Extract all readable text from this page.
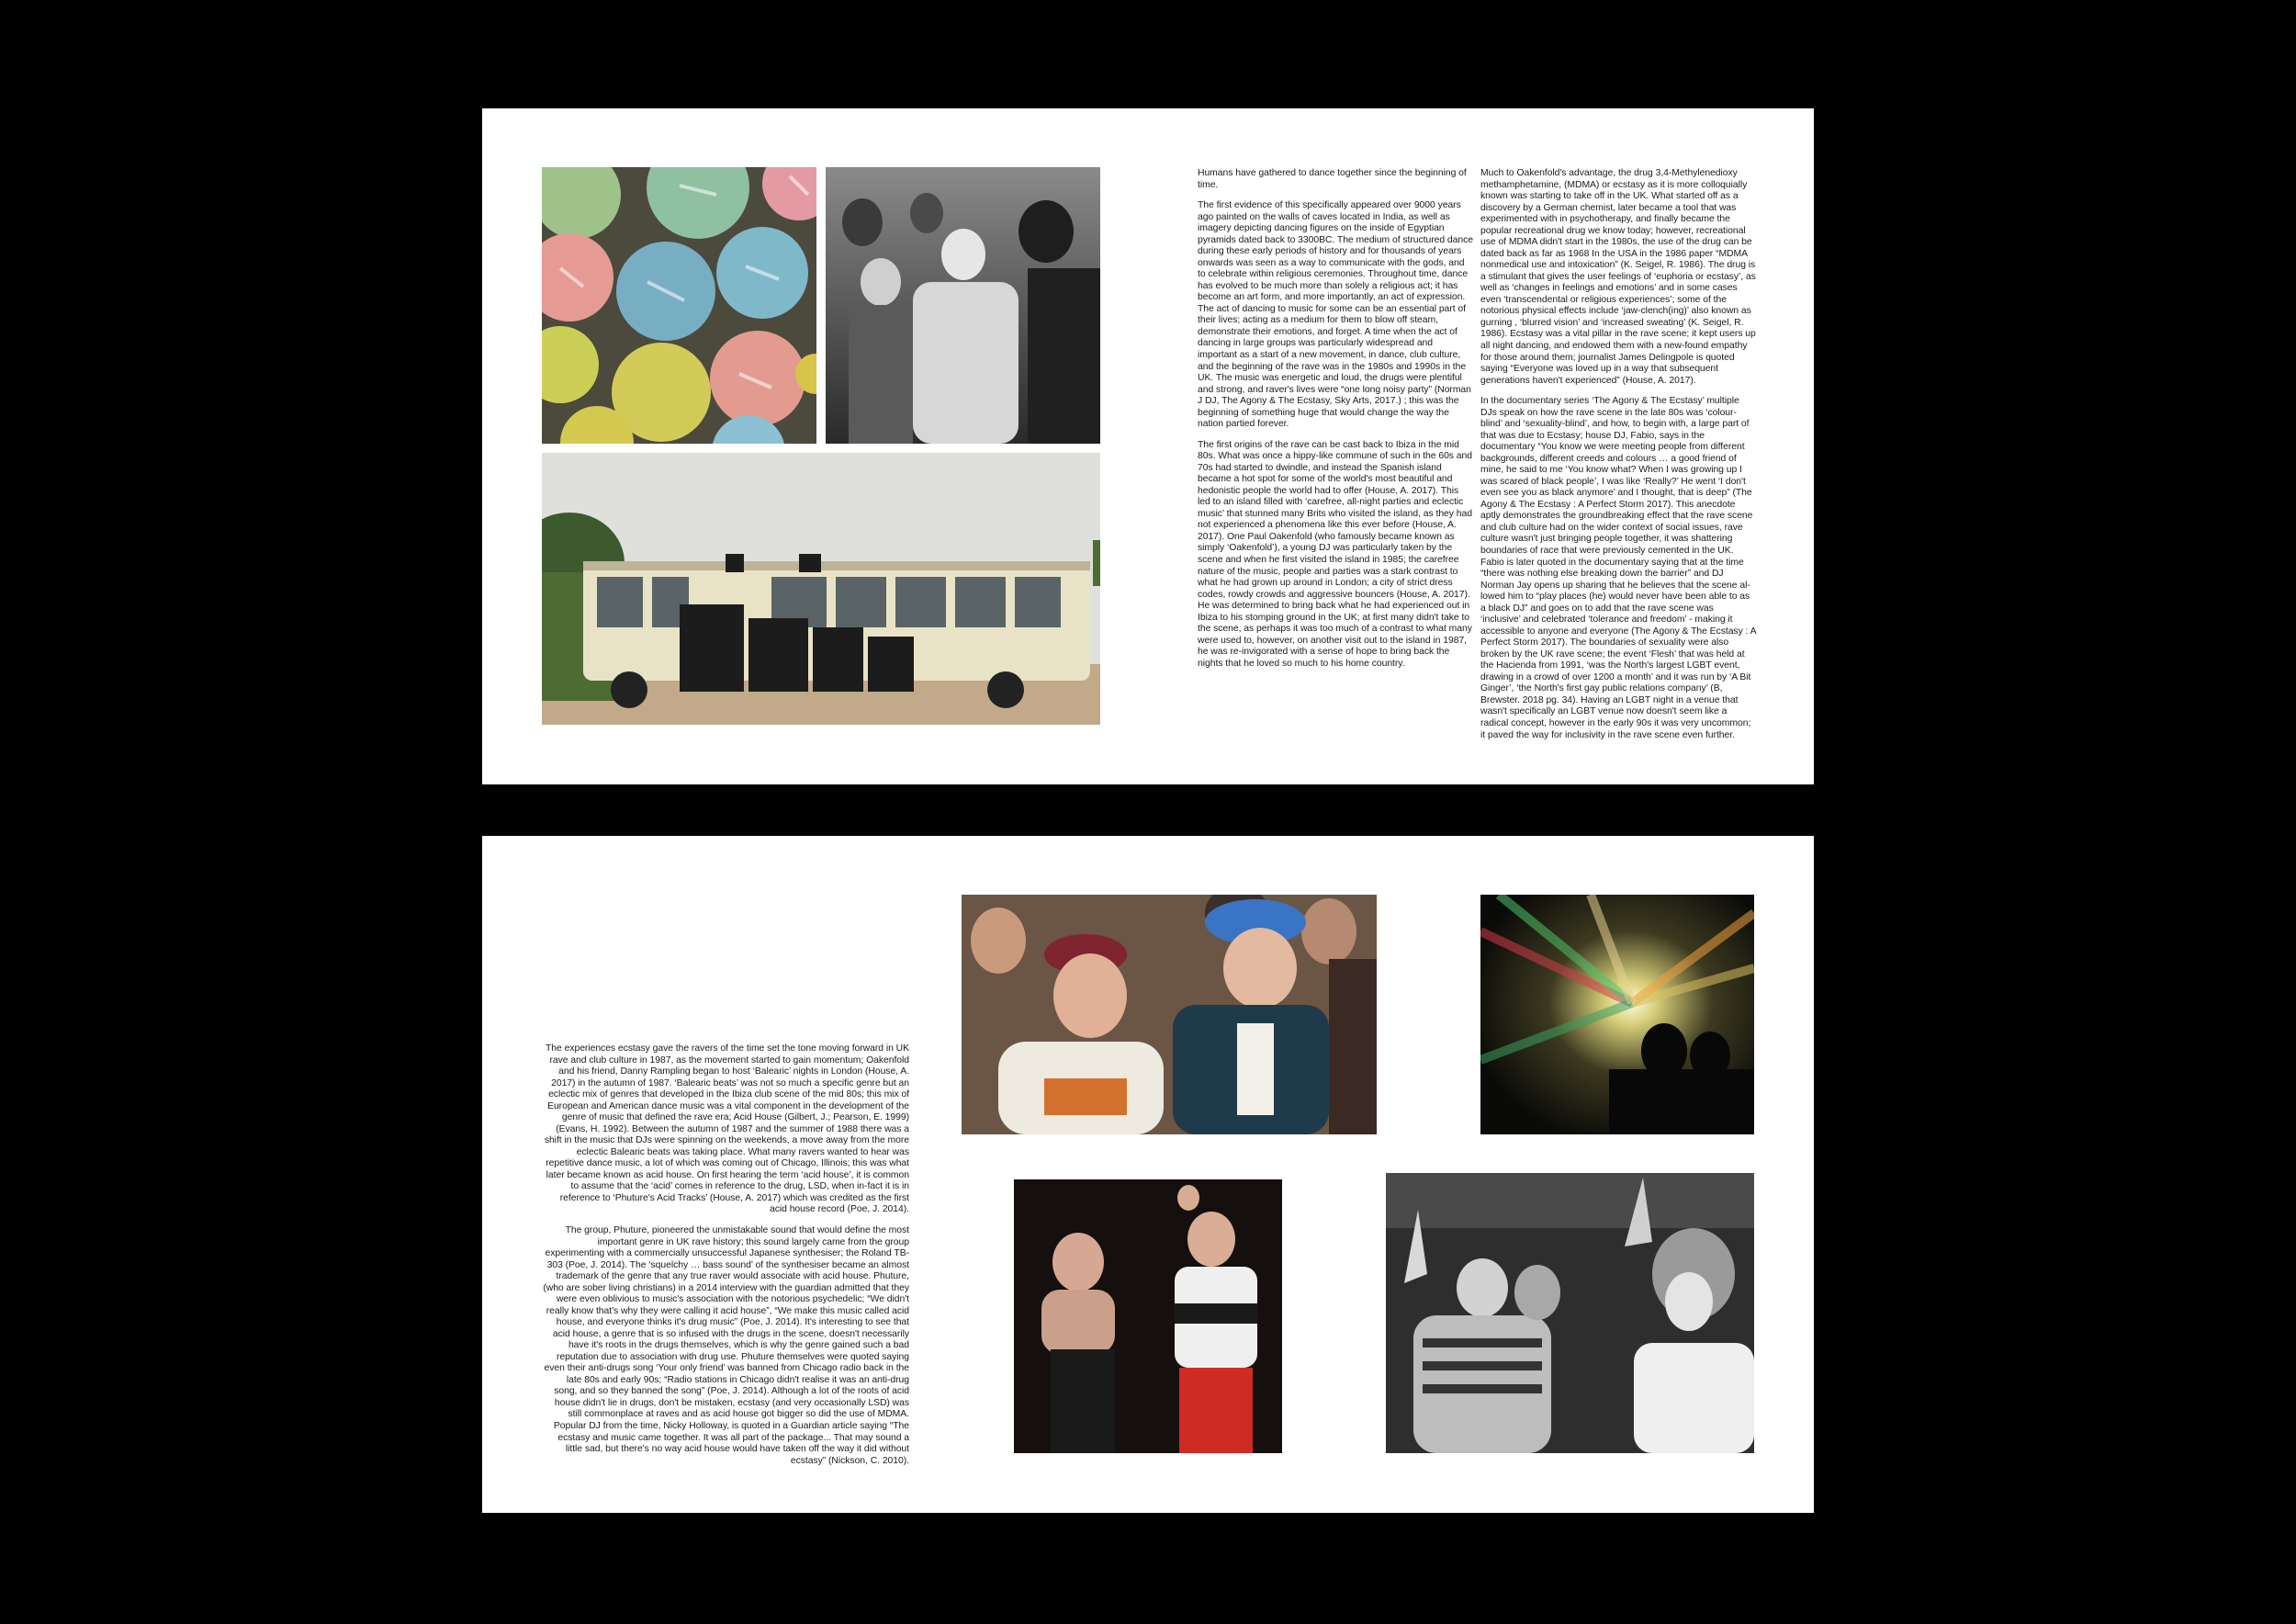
Humans have gathered to dance together since the beginning of time.

The first evidence of this specifically appeared over 9000 years ago painted on the walls of caves located in India, as well as imagery depicting dancing figures on the inside of Egyptian pyramids dated back to 3300BC. The medium of structured dance during these early periods of history and for thousands of years onwards was seen as a way to communicate with the gods, and to celebrate within religious ceremonies. Throughout time, dance has evolved to be much more than solely a religious act; it has become an art form, and more importantly, an act of expression. The act of dancing to music for some can be an essential part of their lives; acting as a medium for them to blow off steam, demonstrate their emotions, and forget. A time when the act of dancing in large groups was particularly widespread and important as a start of a new movement, in dance, club culture, and the beginning of the rave was in the 1980s and 1990s in the UK. The music was energetic and loud, the drugs were plentiful and strong, and raver's lives were “one long noisy party” (Norman J DJ, The Agony & The Ecstasy, Sky Arts, 2017.) ; this was the beginning of something huge that would change the way the nation partied forever.

The first origins of the rave can be cast back to Ibiza in the mid 80s. What was once a hippy-like commune of such in the 60s and 70s had started to dwindle, and instead the Spanish island became a hot spot for some of the world's most beautiful and hedonistic people the world had to offer (House, A. 2017). This led to an island filled with ‘carefree, all-night parties and eclectic music’ that stunned many Brits who visited the island, as they had not experienced a phenomena like this ever before (House, A. 2017). One Paul Oakenfold (who famously became known as simply ‘Oakenfold’), a young DJ was particularly taken by the scene and when he first visited the island in 1985; the carefree nature of the music, people and parties was a stark contrast to what he had grown up around in London; a city of strict dress codes, rowdy crowds and aggressive bouncers (House, A. 2017). He was determined to bring back what he had experienced out in Ibiza to his stomping ground in the UK; at first many didn't take to the scene, as perhaps it was too much of a contrast to what many were used to, however, on another visit out to the island in 1987, he was re-invigorated with a sense of hope to bring back the nights that he loved so much to his home country.

Much to Oakenfold's advantage, the drug 3,4-Methylenedioxy methamphetamine, (MDMA) or ecstasy as it is more colloquially known was starting to take off in the UK. What started off as a discovery by a German chemist, later became a tool that was experimented with in psychotherapy, and finally became the popular recreational drug we know today; however, recreational use of MDMA didn't start in the 1980s, the use of the drug can be dated back as far as 1968 In the USA in the 1986 paper “MDMA nonmedical use and intoxication” (K. Seigel, R. 1986). The drug is a stimulant that gives the user feelings of ‘euphoria or ecstasy’, as well as ‘changes in feelings and emotions’ and in some cases even ‘transcendental or religious experiences’; some of the notorious physical effects include ‘jaw-clench(ing)’ also known as gurning , ‘blurred vision’ and ‘increased sweating’ (K. Seigel, R. 1986). Ecstasy was a vital pillar in the rave scene; it kept users up all night dancing, and endowed them with a new-found empathy for those around them; journalist James Delingpole is quoted saying “Everyone was loved up in a way that subsequent generations haven't experienced” (House, A. 2017).

In the documentary series ‘The Agony & The Ecstasy’ multiple DJs speak on how the rave scene in the late 80s was ‘colour-blind’ and ‘sexuality-blind’, and how, to begin with, a large part of that was due to Ecstasy; house DJ, Fabio, says in the documentary “You know we were meeting people from different backgrounds, different creeds and colours … a good friend of mine, he said to me ‘You know what? When I was growing up I was scared of black people’, I was like ‘Really?’ He went ‘I don't even see you as black anymore’ and I thought, that is deep” (The Agony & The Ecstasy : A Perfect Storm 2017). This anecdote aptly demonstrates the groundbreaking effect that the rave scene and club culture had on the wider context of social issues, rave culture wasn't just bringing people together, it was shattering boundaries of race that were previously cemented in the UK. Fabio is later quoted in the documentary saying that at the time “there was nothing else breaking down the barrier” and DJ Norman Jay opens up sharing that he believes that the scene al-lowed him to “play places (he) would never have been able to as a black DJ” and goes on to add that the rave scene was ‘inclusive’ and celebrated ‘tolerance and freedom’ - making it accessible to anyone and everyone (The Agony & The Ecstasy : A Perfect Storm 2017). The boundaries of sexuality were also broken by the UK rave scene; the event ‘Flesh’ that was held at the Hacienda from 1991, ‘was the North's largest LGBT event, drawing in a crowd of over 1200 a month’ and it was run by ‘A Bit Ginger’, ‘the North's first gay public relations company’ (B, Brewster. 2018 pg. 34). Having an LGBT night in a venue that wasn't specifically an LGBT venue now doesn't seem like a radical concept, however in the early 90s it was very uncommon; it paved the way for inclusivity in the rave scene even further.

The experiences ecstasy gave the ravers of the time set the tone moving forward in UK rave and club culture in 1987, as the movement started to gain momentum; Oakenfold and his friend, Danny Rampling began to host ‘Balearic’ nights in London (House, A. 2017) in the autumn of 1987. ‘Balearic beats’ was not so much a specific genre but an eclectic mix of genres that developed in the Ibiza club scene of the mid 80s; this mix of European and American dance music was a vital component in the development of the genre of music that defined the rave era; Acid House (Gilbert, J.; Pearson, E. 1999) (Evans, H. 1992). Between the autumn of 1987 and the summer of 1988 there was a shift in the music that DJs were spinning on the weekends, a move away from the more eclectic Balearic beats was taking place. What many ravers wanted to hear was repetitive dance music, a lot of which was coming out of Chicago, Illinois; this was what later became known as acid house. On first hearing the term ‘acid house’, it is common to assume that the ‘acid’ comes in reference to the drug, LSD, when in-fact it is in reference to ‘Phuture's Acid Tracks’ (House, A. 2017) which was credited as the first acid house record (Poe, J. 2014).

The group, Phuture, pioneered the unmistakable sound that would define the most important genre in UK rave history; this sound largely came from the group experimenting with a commercially unsuccessful Japanese synthesiser; the Roland TB-303 (Poe, J. 2014). The ‘squelchy … bass sound’ of the synthesiser became an almost trademark of the genre that any true raver would associate with acid house. Phuture, (who are sober living christians) in a 2014 interview with the guardian admitted that they were even oblivious to music's association with the notorious psychedelic; “We didn't really know that's why they were calling it acid house”, “We make this music called acid house, and everyone thinks it's drug music” (Poe, J. 2014). It's interesting to see that acid house, a genre that is so infused with the drugs in the scene, doesn't necessarily have it's roots in the drugs themselves, which is why the genre gained such a bad reputation due to association with drug use. Phuture themselves were quoted saying even their anti-drugs song ‘Your only friend’ was banned from Chicago radio back in the late 80s and early 90s; “Radio stations in Chicago didn't realise it was an anti-drug song, and so they banned the song” (Poe, J. 2014). Although a lot of the roots of acid house didn't lie in drugs, don't be mistaken, ecstasy (and very occasionally LSD) was still commonplace at raves and as acid house got bigger so did the use of MDMA. Popular DJ from the time, Nicky Holloway, is quoted in a Guardian article saying “The ecstasy and music came together. It was all part of the package... That may sound a little sad, but there's no way acid house would have taken off the way it did without ecstasy” (Nickson, C. 2010).
